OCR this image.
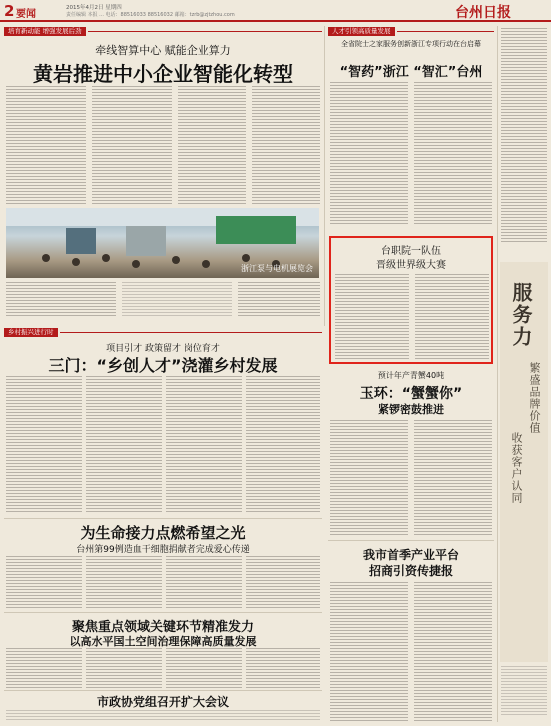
2 要闻
2015年4月2日 星期四
责任编辑 本报 ... 电话：88516033 88516032 邮箱：tzrb@zjtzhou.com	台州日报
培育新动能 增强发展后劲
牵线智算中心 赋能企业算力
黄岩推进中小企业智能化转型
浙江泵与电机展览会
人才引领高质量发展
全省院士之家服务创新浙江专项行动在台启幕
“智药”浙江 “智汇”台州
台职院一队伍
晋级世界级大赛
服务力
繁盛品牌价值
收获客户认同
乡村振兴进行时
项目引才 政策留才 岗位育才
三门：“乡创人才”浇灌乡村发展
预计年产青蟹40吨
玉环：“蟹蟹你”
紧锣密鼓推进
为生命接力点燃希望之光
台州第99例造血干细胞捐献者完成爱心传递	我市首季产业平台
招商引资传捷报
聚焦重点领域关键环节精准发力
以高水平国土空间治理保障高质量发展
市政协党组召开扩大会议
